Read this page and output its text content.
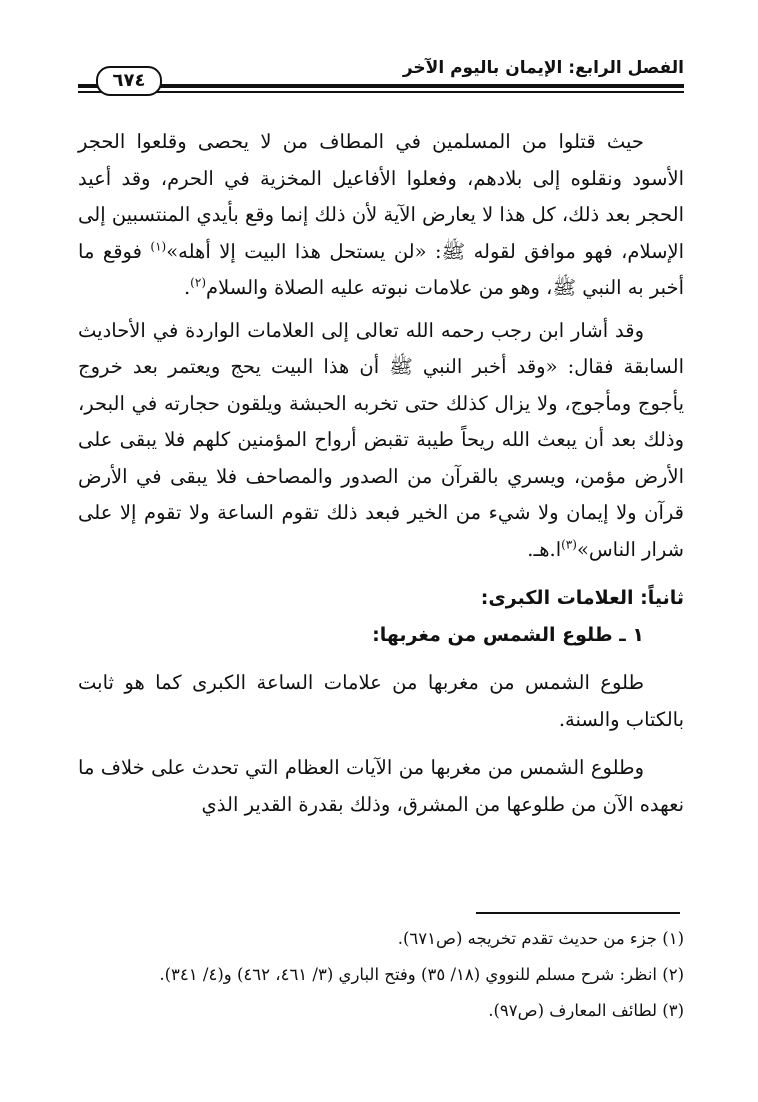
الفصل الرابع: الإيمان باليوم الآخر
٦٧٤

حيث قتلوا من المسلمين في المطاف من لا يحصى وقلعوا الحجر الأسود ونقلوه إلى بلادهم، وفعلوا الأفاعيل المخزية في الحرم، وقد أعيد الحجر بعد ذلك، كل هذا لا يعارض الآية لأن ذلك إنما وقع بأيدي المنتسبين إلى الإسلام، فهو موافق لقوله ﷺ: «لن يستحل هذا البيت إلا أهله»$^{(١)}$ فوقع ما أخبر به النبي ﷺ، وهو من علامات نبوته عليه الصلاة والسلام$^{(٢)}$.

وقد أشار ابن رجب رحمه الله تعالى إلى العلامات الواردة في الأحاديث السابقة فقال: «وقد أخبر النبي ﷺ أن هذا البيت يحج ويعتمر بعد خروج يأجوج ومأجوج، ولا يزال كذلك حتى تخربه الحبشة ويلقون حجارته في البحر، وذلك بعد أن يبعث الله ريحاً طيبة تقبض أرواح المؤمنين كلهم فلا يبقى على الأرض مؤمن، ويسري بالقرآن من الصدور والمصاحف فلا يبقى في الأرض قرآن ولا إيمان ولا شيء من الخير فبعد ذلك تقوم الساعة ولا تقوم إلا على شرار الناس»$^{(٣)}$ا.هـ.

ثانياً: العلامات الكبرى:

١ ـ طلوع الشمس من مغربها:

طلوع الشمس من مغربها من علامات الساعة الكبرى كما هو ثابت بالكتاب والسنة.

وطلوع الشمس من مغربها من الآيات العظام التي تحدث على خلاف ما نعهده الآن من طلوعها من المشرق، وذلك بقدرة القدير الذي

(١) جزء من حديث تقدم تخريجه (ص٦٧١).

(٢) انظر: شرح مسلم للنووي (١٨/ ٣٥) وفتح الباري (٣/ ٤٦١، ٤٦٢) و(٤/ ٣٤١).

(٣) لطائف المعارف (ص٩٧).
